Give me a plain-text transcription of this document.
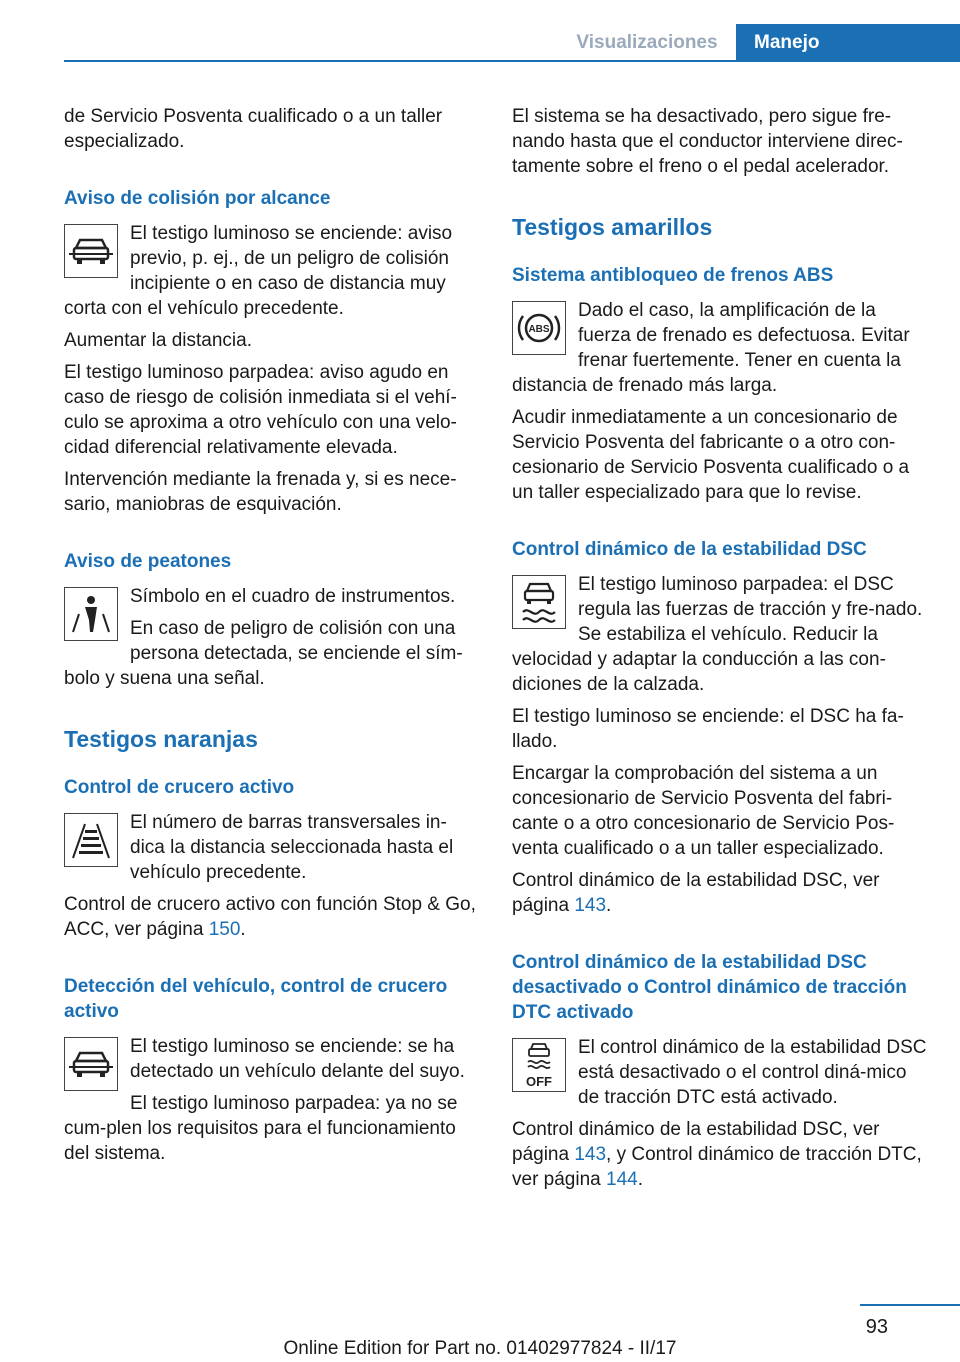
Visualizaciones	Manejo

de Servicio Posventa cualificado o a un taller especializado.

Aviso de colisión por alcance

El testigo luminoso se enciende: aviso previo, p. ej., de un peligro de colisión incipiente o en caso de distancia muy corta con el vehículo precedente.

Aumentar la distancia.

El testigo luminoso parpadea: aviso agudo en caso de riesgo de colisión inmediata si el vehí-culo se aproxima a otro vehículo con una velo-cidad diferencial relativamente elevada.

Intervención mediante la frenada y, si es nece-sario, maniobras de esquivación.

Aviso de peatones

Símbolo en el cuadro de instrumentos.

En caso de peligro de colisión con una persona detectada, se enciende el sím-bolo y suena una señal.

Testigos naranjas
Control de crucero activo

El número de barras transversales in-dica la distancia seleccionada hasta el vehículo precedente.

Control de crucero activo con función Stop & Go, ACC, ver página 150.

Detección del vehículo, control de crucero activo

El testigo luminoso se enciende: se ha detectado un vehículo delante del suyo.

El testigo luminoso parpadea: ya no se cum-plen los requisitos para el funcionamiento del sistema.

El sistema se ha desactivado, pero sigue fre-nando hasta que el conductor interviene direc-tamente sobre el freno o el pedal acelerador.

Testigos amarillos
Sistema antibloqueo de frenos ABS
ABS

Dado el caso, la amplificación de la fuerza de frenado es defectuosa. Evitar frenar fuertemente. Tener en cuenta la distancia de frenado más larga.

Acudir inmediatamente a un concesionario de Servicio Posventa del fabricante o a otro con-cesionario de Servicio Posventa cualificado o a un taller especializado para que lo revise.

Control dinámico de la estabilidad DSC

El testigo luminoso parpadea: el DSC regula las fuerzas de tracción y fre-nado. Se estabiliza el vehículo. Reducir la velocidad y adaptar la conducción a las con-diciones de la calzada.

El testigo luminoso se enciende: el DSC ha fa-llado.

Encargar la comprobación del sistema a un concesionario de Servicio Posventa del fabri-cante o a otro concesionario de Servicio Pos-venta cualificado o a un taller especializado.

Control dinámico de la estabilidad DSC, ver página 143.

Control dinámico de la estabilidad DSC desactivado o Control dinámico de tracción DTC activado
OFF

El control dinámico de la estabilidad DSC está desactivado o el control diná-mico de tracción DTC está activado.

Control dinámico de la estabilidad DSC, ver página 143, y Control dinámico de tracción DTC, ver página 144.

93
Online Edition for Part no. 01402977824 - II/17
